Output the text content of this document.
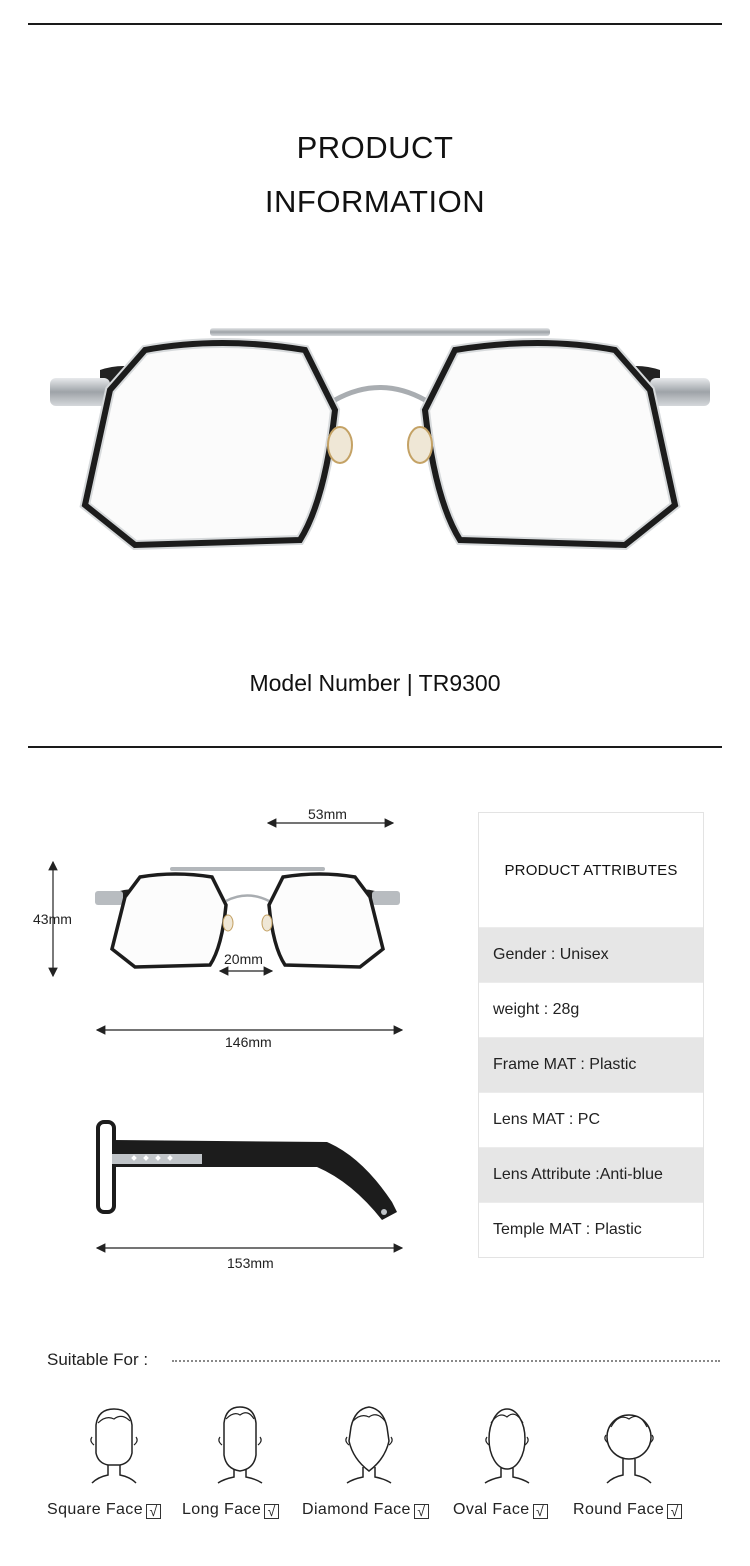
PRODUCT
INFORMATION
Model Number | TR9300
53mm
43mm
20mm
146mm
153mm
PRODUCT ATTRIBUTES
Gender : Unisex
weight : 28g
Frame MAT : Plastic
Lens MAT : PC
Lens Attribute :Anti-blue
Temple MAT : Plastic
Suitable For :
Square Face √ Long Face √ Diamond Face √ Oval Face √ Round Face √
